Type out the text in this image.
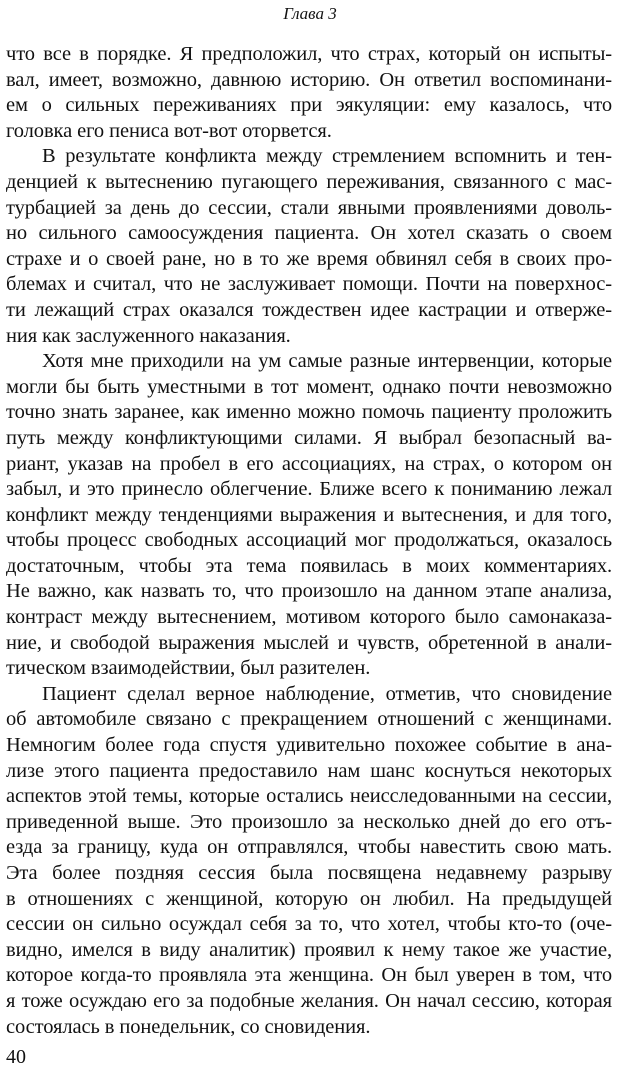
Глава 3
что все в порядке. Я предположил, что страх, который он испыты-
вал, имеет, возможно, давнюю историю. Он ответил воспоминани-
ем о сильных переживаниях при эякуляции: ему казалось, что
головка его пениса вот-вот оторвется.
В результате конфликта между стремлением вспомнить и тен-
денцией к вытеснению пугающего переживания, связанного с мас-
турбацией за день до сессии, стали явными проявлениями доволь-
но сильного самоосуждения пациента. Он хотел сказать о своем
страхе и о своей ране, но в то же время обвинял себя в своих про-
блемах и считал, что не заслуживает помощи. Почти на поверхнос-
ти лежащий страх оказался тождествен идее кастрации и отверже-
ния как заслуженного наказания.
Хотя мне приходили на ум самые разные интервенции, которые
могли бы быть уместными в тот момент, однако почти невозможно
точно знать заранее, как именно можно помочь пациенту проложить
путь между конфликтующими силами. Я выбрал безопасный ва-
риант, указав на пробел в его ассоциациях, на страх, о котором он
забыл, и это принесло облегчение. Ближе всего к пониманию лежал
конфликт между тенденциями выражения и вытеснения, и для того,
чтобы процесс свободных ассоциаций мог продолжаться, оказалось
достаточным, чтобы эта тема появилась в моих комментариях.
Не важно, как назвать то, что произошло на данном этапе анализа,
контраст между вытеснением, мотивом которого было самонаказа-
ние, и свободой выражения мыслей и чувств, обретенной в анали-
тическом взаимодействии, был разителен.
Пациент сделал верное наблюдение, отметив, что сновидение
об автомобиле связано с прекращением отношений с женщинами.
Немногим более года спустя удивительно похожее событие в ана-
лизе этого пациента предоставило нам шанс коснуться некоторых
аспектов этой темы, которые остались неисследованными на сессии,
приведенной выше. Это произошло за несколько дней до его отъ-
езда за границу, куда он отправлялся, чтобы навестить свою мать.
Эта более поздняя сессия была посвящена недавнему разрыву
в отношениях с женщиной, которую он любил. На предыдущей
сессии он сильно осуждал себя за то, что хотел, чтобы кто-то (оче-
видно, имелся в виду аналитик) проявил к нему такое же участие,
которое когда-то проявляла эта женщина. Он был уверен в том, что
я тоже осуждаю его за подобные желания. Он начал сессию, которая
состоялась в понедельник, со сновидения.
40
